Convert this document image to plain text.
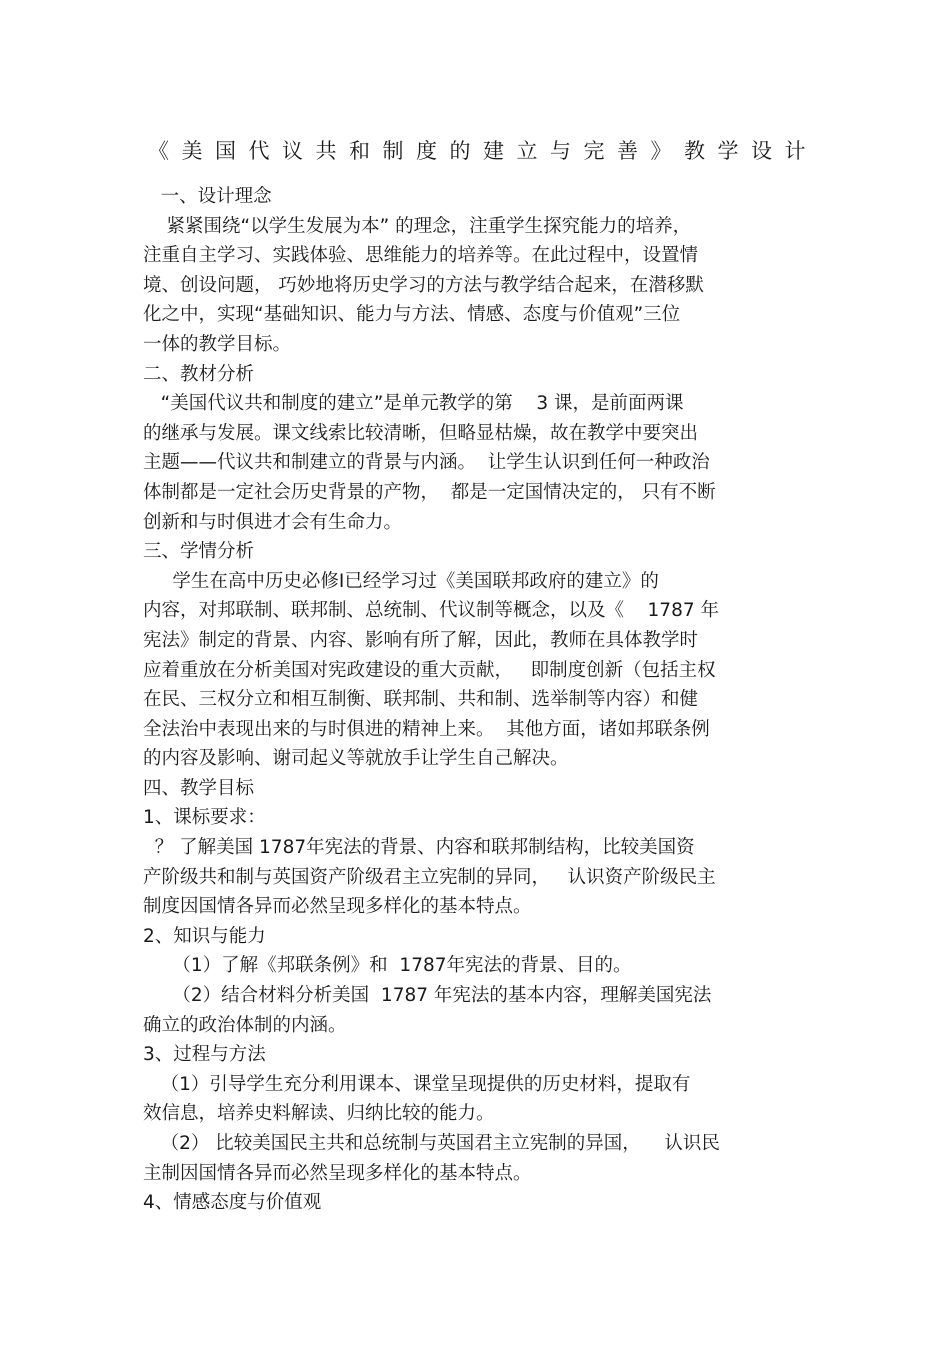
《美国代议共和制度的建立与完善》教学设计
一、设计理念
紧紧围绕“以学生发展为本” 的理念，注重学生探究能力的培养，
注重自主学习、实践体验、思维能力的培养等。在此过程中，设置情
境、创设问题， 巧妙地将历史学习的方法与教学结合起来，在潜移默
化之中，实现“基础知识、能力与方法、情感、态度与价值观”三位
一体的教学目标。
二、教材分析
“美国代议共和制度的建立”是单元教学的第    3 课，是前面两课
的继承与发展。课文线索比较清晰，但略显枯燥，故在教学中要突出
主题——代议共和制建立的背景与内涵。  让学生认识到任何一种政治
体制都是一定社会历史背景的产物，  都是一定国情决定的， 只有不断
创新和与时俱进才会有生命力。
三、学情分析
学生在高中历史必修Ⅰ已经学习过《美国联邦政府的建立》的
内容，对邦联制、联邦制、总统制、代议制等概念，以及《    1787 年
宪法》制定的背景、内容、影响有所了解，因此，教师在具体教学时
应着重放在分析美国对宪政建设的重大贡献，   即制度创新（包括主权
在民、三权分立和相互制衡、联邦制、共和制、选举制等内容）和健
全法治中表现出来的与时俱进的精神上来。  其他方面，诸如邦联条例
的内容及影响、谢司起义等就放手让学生自己解决。
四、教学目标
1、课标要求：
？ 了解美国 1787年宪法的背景、内容和联邦制结构，比较美国资
产阶级共和制与英国资产阶级君主立宪制的异同，   认识资产阶级民主
制度因国情各异而必然呈现多样化的基本特点。
2、知识与能力
（1）了解《邦联条例》和  1787年宪法的背景、目的。
（2）结合材料分析美国  1787 年宪法的基本内容，理解美国宪法
确立的政治体制的内涵。
3、过程与方法
（1）引导学生充分利用课本、课堂呈现提供的历史材料，提取有
效信息，培养史料解读、归纳比较的能力。
（2） 比较美国民主共和总统制与英国君主立宪制的异国，    认识民
主制因国情各异而必然呈现多样化的基本特点。
4、情感态度与价值观
